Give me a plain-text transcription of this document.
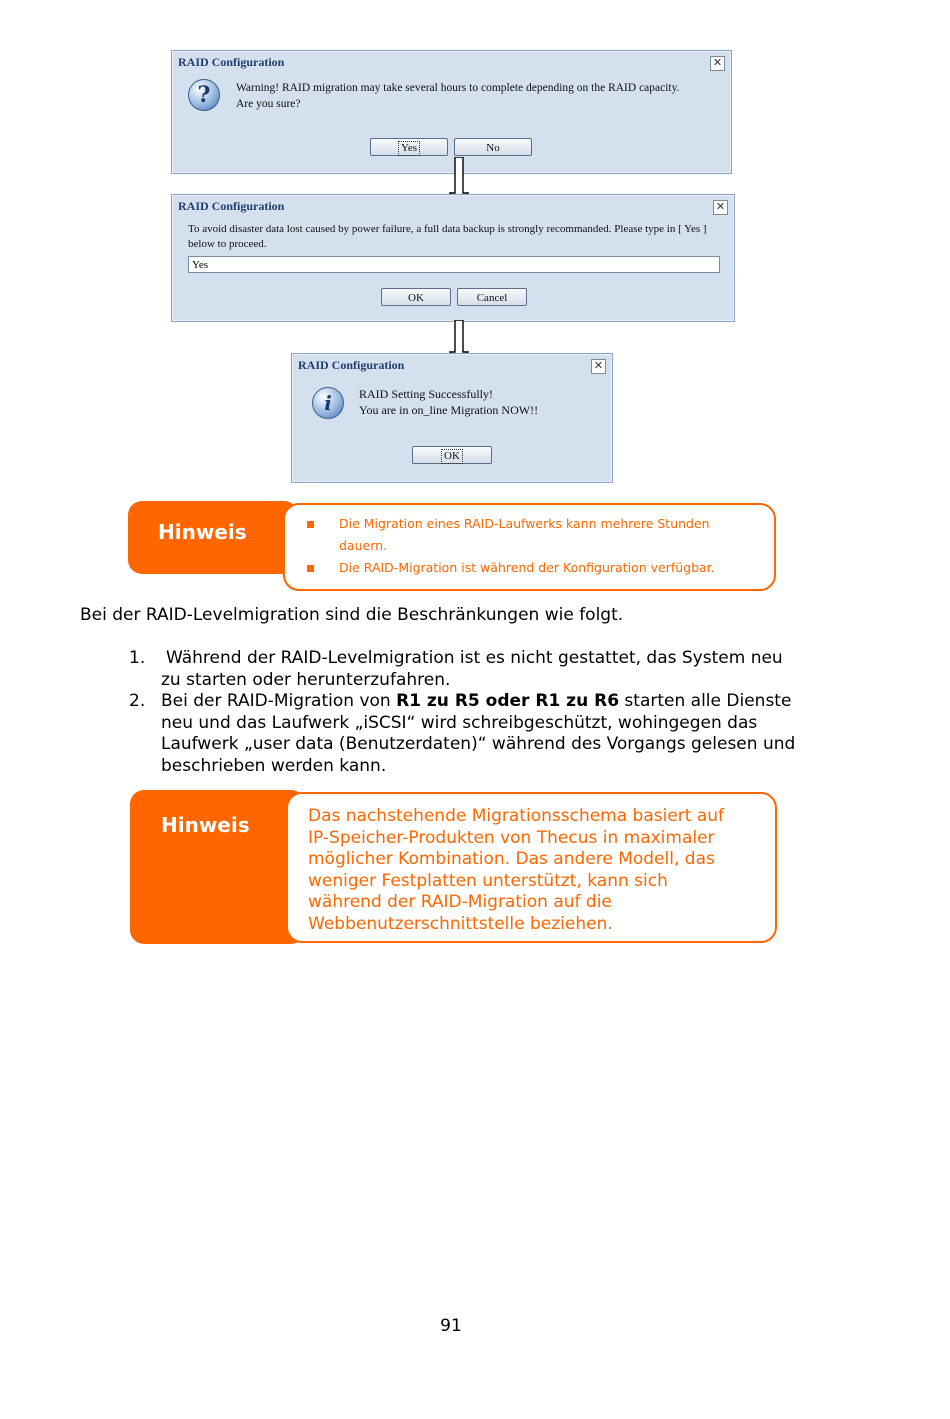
RAID Configuration	✕
?	Warning! RAID migration may take several hours to complete depending on the RAID capacity.
Are you sure?
Yes	No
RAID Configuration	✕
To avoid disaster data lost caused by power failure, a full data backup is strongly recommanded. Please type in [ Yes ]
below to proceed.
Yes
OK	Cancel
RAID Configuration	✕
i	RAID Setting Successfully!
You are in on_line Migration NOW!!
OK
Hinweis	Die Migration eines RAID-Laufwerks kann mehrere Stunden
dauern.
Die RAID-Migration ist während der Konfiguration verfügbar.
Bei der RAID-Levelmigration sind die Beschränkungen wie folgt.
1. Während der RAID-Levelmigration ist es nicht gestattet, das System neu
zu starten oder herunterzufahren.
2. Bei der RAID-Migration von R1 zu R5 oder R1 zu R6 starten alle Dienste
neu und das Laufwerk „iSCSI“ wird schreibgeschützt, wohingegen das
Laufwerk „user data (Benutzerdaten)“ während des Vorgangs gelesen und
beschrieben werden kann.
Hinweis	Das nachstehende Migrationsschema basiert auf
IP-Speicher-Produkten von Thecus in maximaler
möglicher Kombination. Das andere Modell, das
weniger Festplatten unterstützt, kann sich
während der RAID-Migration auf die
Webbenutzerschnittstelle beziehen.
91
